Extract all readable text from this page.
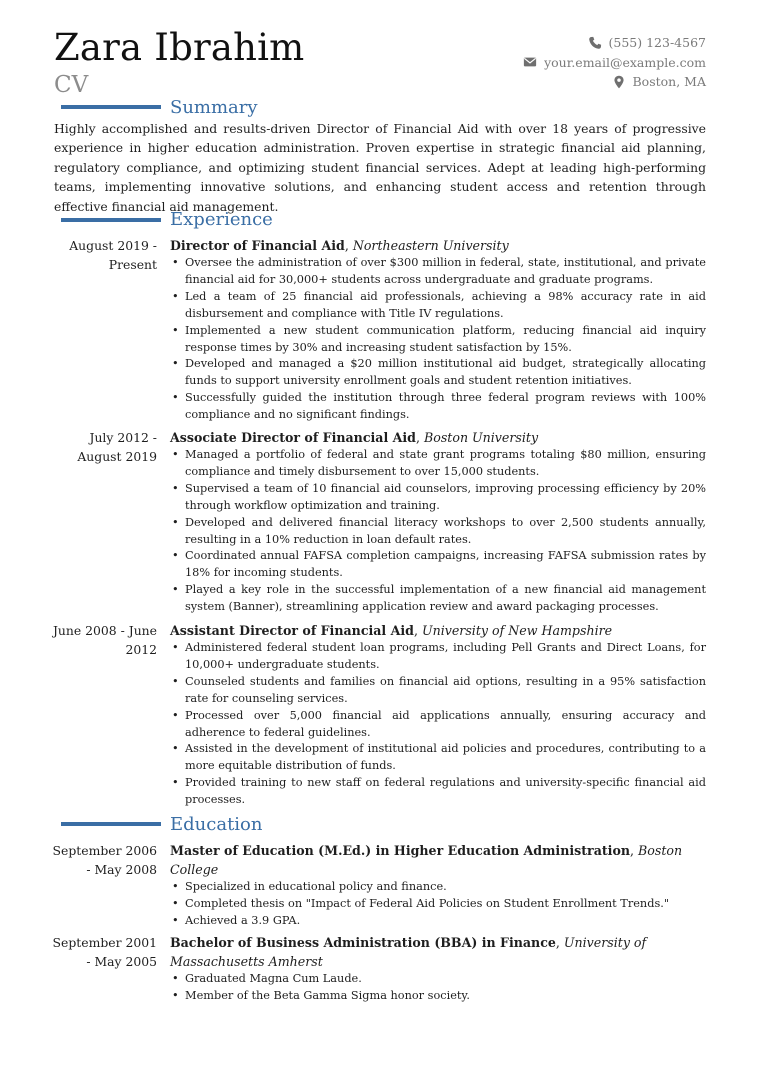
Zara Ibrahim
CV
(555) 123-4567
your.email@example.com
Boston, MA
Summary
Highly accomplished and results-driven Director of Financial Aid with over 18 years of progressive experience in higher education administration. Proven expertise in strategic financial aid planning, regulatory compliance, and optimizing student financial services. Adept at leading high-performing teams, implementing innovative solutions, and enhancing student access and retention through effective financial aid management.
Experience
August 2019 - Present
Director of Financial Aid, Northeastern University
• Oversee the administration of over $300 million in federal, state, institutional, and private financial aid for 30,000+ students across undergraduate and graduate programs.
• Led a team of 25 financial aid professionals, achieving a 98% accuracy rate in aid disbursement and compliance with Title IV regulations.
• Implemented a new student communication platform, reducing financial aid inquiry response times by 30% and increasing student satisfaction by 15%.
• Developed and managed a $20 million institutional aid budget, strategically allocating funds to support university enrollment goals and student retention initiatives.
• Successfully guided the institution through three federal program reviews with 100% compliance and no significant findings.
July 2012 - August 2019
Associate Director of Financial Aid, Boston University
• Managed a portfolio of federal and state grant programs totaling $80 million, ensuring compliance and timely disbursement to over 15,000 students.
• Supervised a team of 10 financial aid counselors, improving processing efficiency by 20% through workflow optimization and training.
• Developed and delivered financial literacy workshops to over 2,500 students annually, resulting in a 10% reduction in loan default rates.
• Coordinated annual FAFSA completion campaigns, increasing FAFSA submission rates by 18% for incoming students.
• Played a key role in the successful implementation of a new financial aid management system (Banner), streamlining application review and award packaging processes.
June 2008 - June 2012
Assistant Director of Financial Aid, University of New Hampshire
• Administered federal student loan programs, including Pell Grants and Direct Loans, for 10,000+ undergraduate students.
• Counseled students and families on financial aid options, resulting in a 95% satisfaction rate for counseling services.
• Processed over 5,000 financial aid applications annually, ensuring accuracy and adherence to federal guidelines.
• Assisted in the development of institutional aid policies and procedures, contributing to a more equitable distribution of funds.
• Provided training to new staff on federal regulations and university-specific financial aid processes.
Education
September 2006 - May 2008
Master of Education (M.Ed.) in Higher Education Administration, Boston College
• Specialized in educational policy and finance.
• Completed thesis on "Impact of Federal Aid Policies on Student Enrollment Trends."
• Achieved a 3.9 GPA.
September 2001 - May 2005
Bachelor of Business Administration (BBA) in Finance, University of Massachusetts Amherst
• Graduated Magna Cum Laude.
• Member of the Beta Gamma Sigma honor society.
